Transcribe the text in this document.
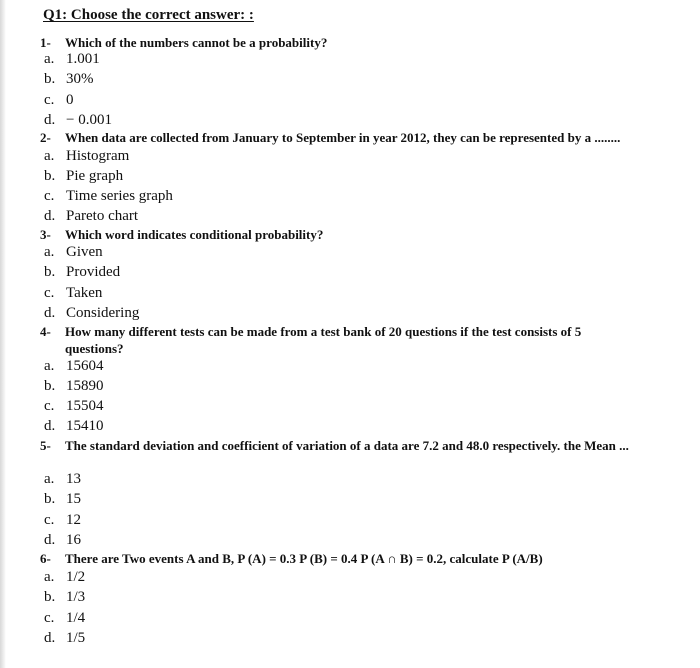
Q1: Choose the correct answer: :
1- Which of the numbers cannot be a probability?
a. 1.001
b. 30%
c. 0
d. − 0.001
2- When data are collected from January to September in year 2012, they can be represented by a ........
a. Histogram
b. Pie graph
c. Time series graph
d. Pareto chart
3- Which word indicates conditional probability?
a. Given
b. Provided
c. Taken
d. Considering
4- How many different tests can be made from a test bank of 20 questions if the test consists of 5 questions?
a. 15604
b. 15890
c. 15504
d. 15410
5- The standard deviation and coefficient of variation of a data are 7.2 and 48.0 respectively. the Mean ...
a. 13
b. 15
c. 12
d. 16
6- There are Two events A and B, P (A) = 0.3 P (B) = 0.4 P (A ∩ B) = 0.2, calculate P (A/B)
a. 1/2
b. 1/3
c. 1/4
d. 1/5
